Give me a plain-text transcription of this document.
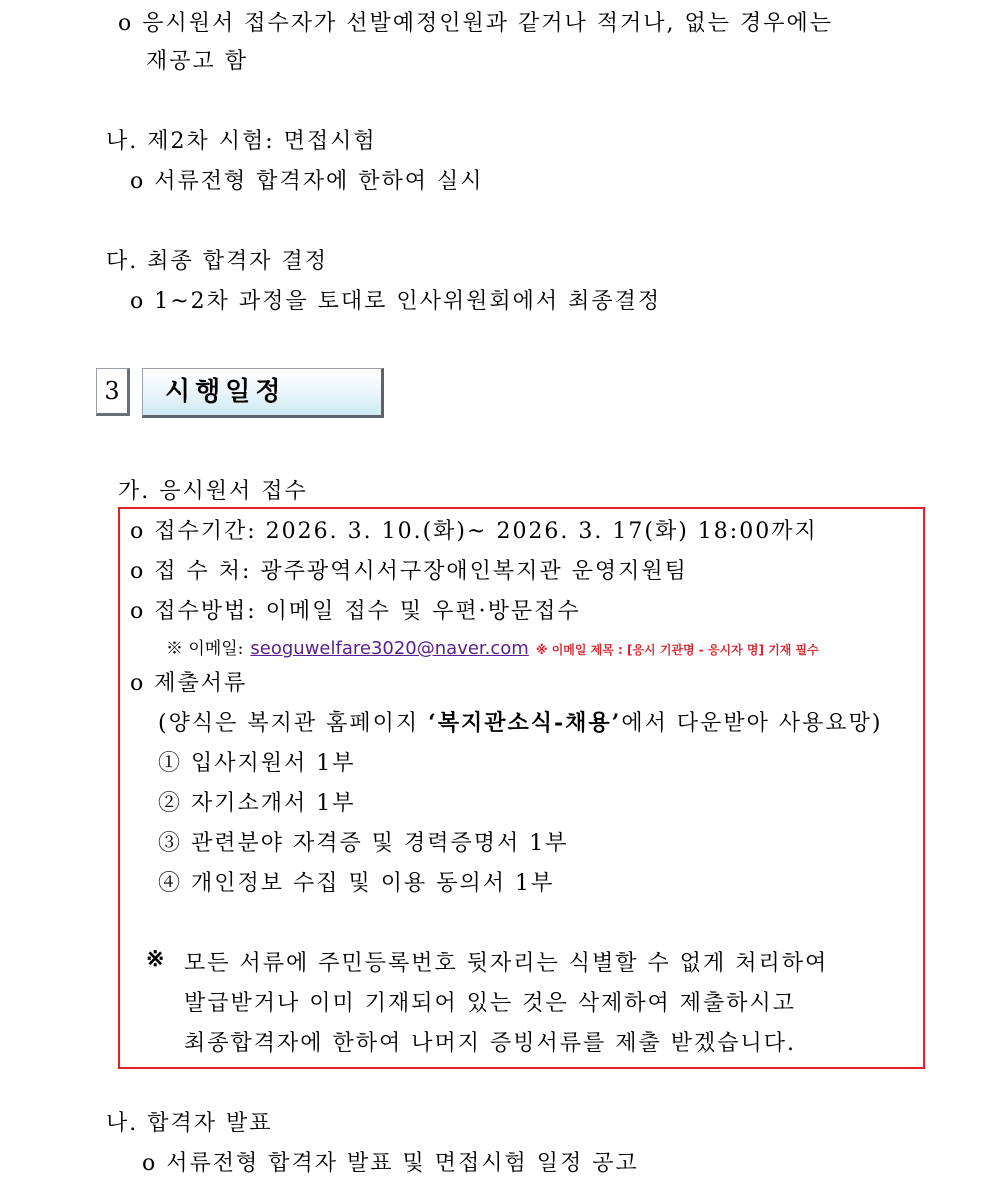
o 응시원서 접수자가 선발예정인원과 같거나 적거나, 없는 경우에는
재공고 함
나. 제2차 시험: 면접시험
o 서류전형 합격자에 한하여 실시
다. 최종 합격자 결정
o 1~2차 과정을 토대로 인사위원회에서 최종결정
3	시행일정
가. 응시원서 접수
o 접수기간: 2026. 3. 10.(화)~ 2026. 3. 17(화) 18:00까지
o 접 수 처: 광주광역시서구장애인복지관 운영지원팀
o 접수방법: 이메일 접수 및 우편·방문접수
※ 이메일: seoguwelfare3020@naver.com ※ 이메일 제목 : [응시 기관명 - 응시자 명] 기재 필수
o 제출서류
(양식은 복지관 홈페이지 ‘복지관소식-채용’에서 다운받아 사용요망)
① 입사지원서 1부
② 자기소개서 1부
③ 관련분야 자격증 및 경력증명서 1부
④ 개인정보 수집 및 이용 동의서 1부
※ 모든 서류에 주민등록번호 뒷자리는 식별할 수 없게 처리하여
발급받거나 이미 기재되어 있는 것은 삭제하여 제출하시고
최종합격자에 한하여 나머지 증빙서류를 제출 받겠습니다.
나. 합격자 발표
o 서류전형 합격자 발표 및 면접시험 일정 공고
